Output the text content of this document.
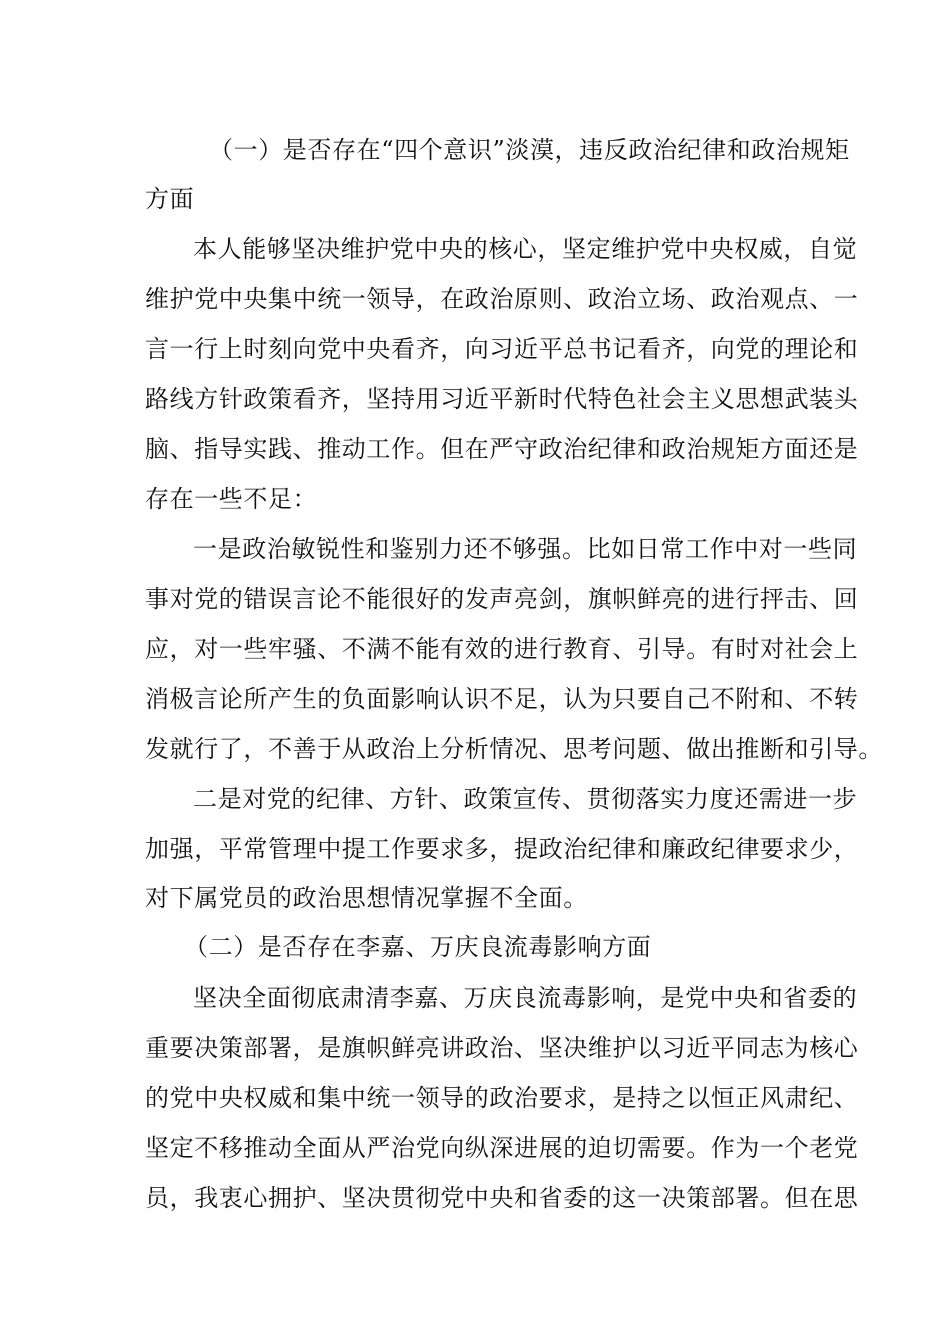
（一）是否存在“四个意识”淡漠，违反政治纪律和政治规矩

方面

本人能够坚决维护党中央的核心，坚定维护党中央权威，自觉

维护党中央集中统一领导，在政治原则、政治立场、政治观点、一

言一行上时刻向党中央看齐，向习近平总书记看齐，向党的理论和

路线方针政策看齐，坚持用习近平新时代特色社会主义思想武装头

脑、指导实践、推动工作。但在严守政治纪律和政治规矩方面还是

存在一些不足：

一是政治敏锐性和鉴别力还不够强。比如日常工作中对一些同

事对党的错误言论不能很好的发声亮剑，旗帜鲜亮的进行抨击、回

应，对一些牢骚、不满不能有效的进行教育、引导。有时对社会上

消极言论所产生的负面影响认识不足，认为只要自己不附和、不转

发就行了，不善于从政治上分析情况、思考问题、做出推断和引导。

二是对党的纪律、方针、政策宣传、贯彻落实力度还需进一步

加强，平常管理中提工作要求多，提政治纪律和廉政纪律要求少，

对下属党员的政治思想情况掌握不全面。

（二）是否存在李嘉、万庆良流毒影响方面

坚决全面彻底肃清李嘉、万庆良流毒影响，是党中央和省委的

重要决策部署，是旗帜鲜亮讲政治、坚决维护以习近平同志为核心

的党中央权威和集中统一领导的政治要求，是持之以恒正风肃纪、

坚定不移推动全面从严治党向纵深进展的迫切需要。作为一个老党

员，我衷心拥护、坚决贯彻党中央和省委的这一决策部署。但在思
